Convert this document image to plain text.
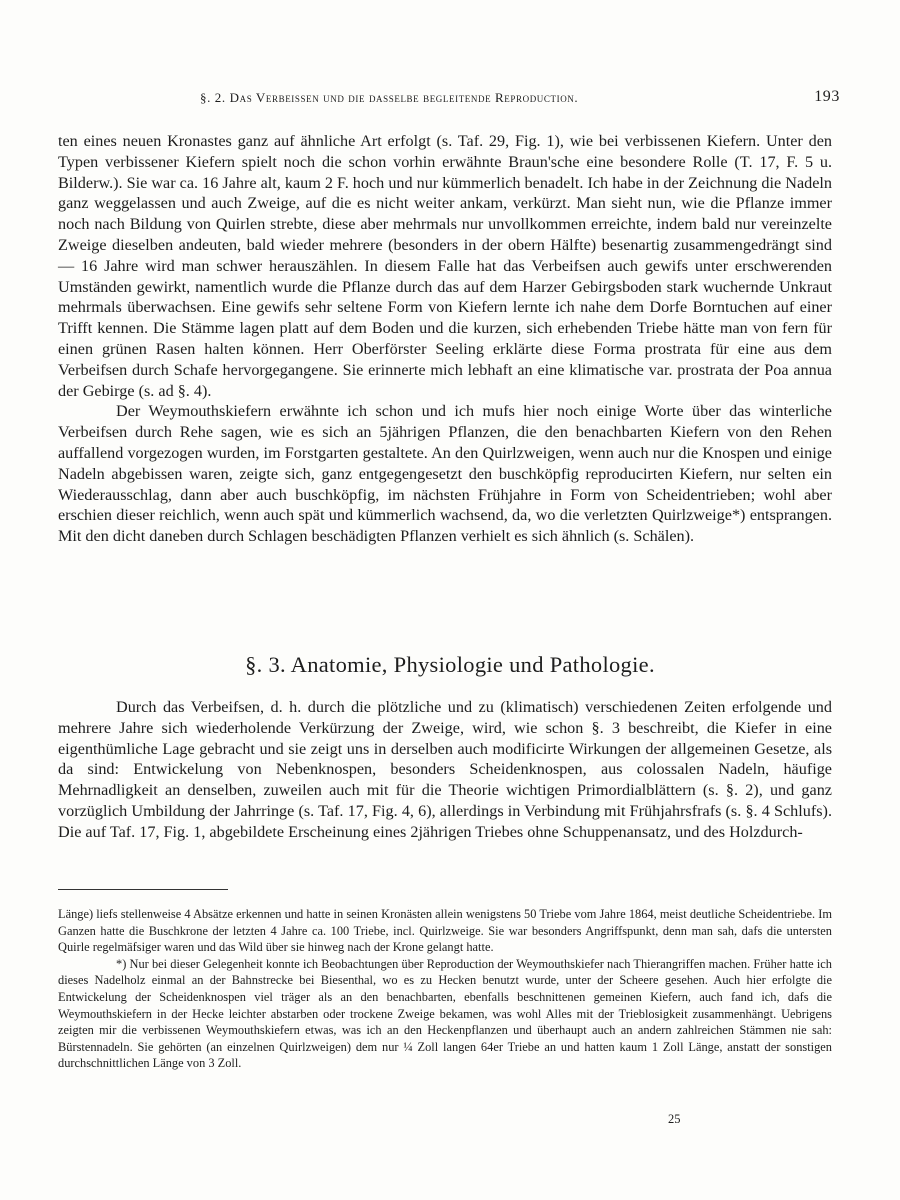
§. 2. Das Verbeissen und die dasselbe begleitende Reproduction.	193

ten eines neuen Kronastes ganz auf ähnliche Art erfolgt (s. Taf. 29, Fig. 1), wie bei verbissenen Kiefern. Unter den Typen verbissener Kiefern spielt noch die schon vorhin erwähnte Braun'sche eine besondere Rolle (T. 17, F. 5 u. Bilderw.). Sie war ca. 16 Jahre alt, kaum 2 F. hoch und nur kümmerlich benadelt. Ich habe in der Zeichnung die Nadeln ganz weggelassen und auch Zweige, auf die es nicht weiter ankam, verkürzt. Man sieht nun, wie die Pflanze immer noch nach Bildung von Quirlen strebte, diese aber mehrmals nur unvollkommen erreichte, indem bald nur vereinzelte Zweige dieselben andeuten, bald wieder mehrere (besonders in der obern Hälfte) besenartig zusammengedrängt sind — 16 Jahre wird man schwer herauszählen. In diesem Falle hat das Verbeifsen auch gewifs unter erschwerenden Umständen gewirkt, namentlich wurde die Pflanze durch das auf dem Harzer Gebirgsboden stark wuchernde Unkraut mehrmals überwachsen. Eine gewifs sehr seltene Form von Kiefern lernte ich nahe dem Dorfe Borntuchen auf einer Trifft kennen. Die Stämme lagen platt auf dem Boden und die kurzen, sich erhebenden Triebe hätte man von fern für einen grünen Rasen halten können. Herr Oberförster Seeling erklärte diese Forma prostrata für eine aus dem Verbeifsen durch Schafe hervorgegangene. Sie erinnerte mich lebhaft an eine klimatische var. prostrata der Poa annua der Gebirge (s. ad §. 4).

Der Weymouthskiefern erwähnte ich schon und ich mufs hier noch einige Worte über das winterliche Verbeifsen durch Rehe sagen, wie es sich an 5jährigen Pflanzen, die den benachbarten Kiefern von den Rehen auffallend vorgezogen wurden, im Forstgarten gestaltete. An den Quirlzweigen, wenn auch nur die Knospen und einige Nadeln abgebissen waren, zeigte sich, ganz entgegengesetzt den buschköpfig reproducirten Kiefern, nur selten ein Wiederausschlag, dann aber auch buschköpfig, im nächsten Frühjahre in Form von Scheidentrieben; wohl aber erschien dieser reichlich, wenn auch spät und kümmerlich wachsend, da, wo die verletzten Quirlzweige*) entsprangen. Mit den dicht daneben durch Schlagen beschädigten Pflanzen verhielt es sich ähnlich (s. Schälen).

§. 3. Anatomie, Physiologie und Pathologie.

Durch das Verbeifsen, d. h. durch die plötzliche und zu (klimatisch) verschiedenen Zeiten erfolgende und mehrere Jahre sich wiederholende Verkürzung der Zweige, wird, wie schon §. 3 beschreibt, die Kiefer in eine eigenthümliche Lage gebracht und sie zeigt uns in derselben auch modificirte Wirkungen der allgemeinen Gesetze, als da sind: Entwickelung von Nebenknospen, besonders Scheidenknospen, aus colossalen Nadeln, häufige Mehrnadligkeit an denselben, zuweilen auch mit für die Theorie wichtigen Primordialblättern (s. §. 2), und ganz vorzüglich Umbildung der Jahrringe (s. Taf. 17, Fig. 4, 6), allerdings in Verbindung mit Frühjahrsfrafs (s. §. 4 Schlufs). Die auf Taf. 17, Fig. 1, abgebildete Erscheinung eines 2jährigen Triebes ohne Schuppenansatz, und des Holzdurch-

Länge) liefs stellenweise 4 Absätze erkennen und hatte in seinen Kronästen allein wenigstens 50 Triebe vom Jahre 1864, meist deutliche Scheidentriebe. Im Ganzen hatte die Buschkrone der letzten 4 Jahre ca. 100 Triebe, incl. Quirlzweige. Sie war besonders Angriffspunkt, denn man sah, dafs die untersten Quirle regelmäfsiger waren und das Wild über sie hinweg nach der Krone gelangt hatte.

*) Nur bei dieser Gelegenheit konnte ich Beobachtungen über Reproduction der Weymouthskiefer nach Thierangriffen machen. Früher hatte ich dieses Nadelholz einmal an der Bahnstrecke bei Biesenthal, wo es zu Hecken benutzt wurde, unter der Scheere gesehen. Auch hier erfolgte die Entwickelung der Scheidenknospen viel träger als an den benachbarten, ebenfalls beschnittenen gemeinen Kiefern, auch fand ich, dafs die Weymouthskiefern in der Hecke leichter abstarben oder trockene Zweige bekamen, was wohl Alles mit der Trieblosigkeit zusammenhängt. Uebrigens zeigten mir die verbissenen Weymouthskiefern etwas, was ich an den Heckenpflanzen und überhaupt auch an andern zahlreichen Stämmen nie sah: Bürstennadeln. Sie gehörten (an einzelnen Quirlzweigen) dem nur ¼ Zoll langen 64er Triebe an und hatten kaum 1 Zoll Länge, anstatt der sonstigen durchschnittlichen Länge von 3 Zoll.

25
